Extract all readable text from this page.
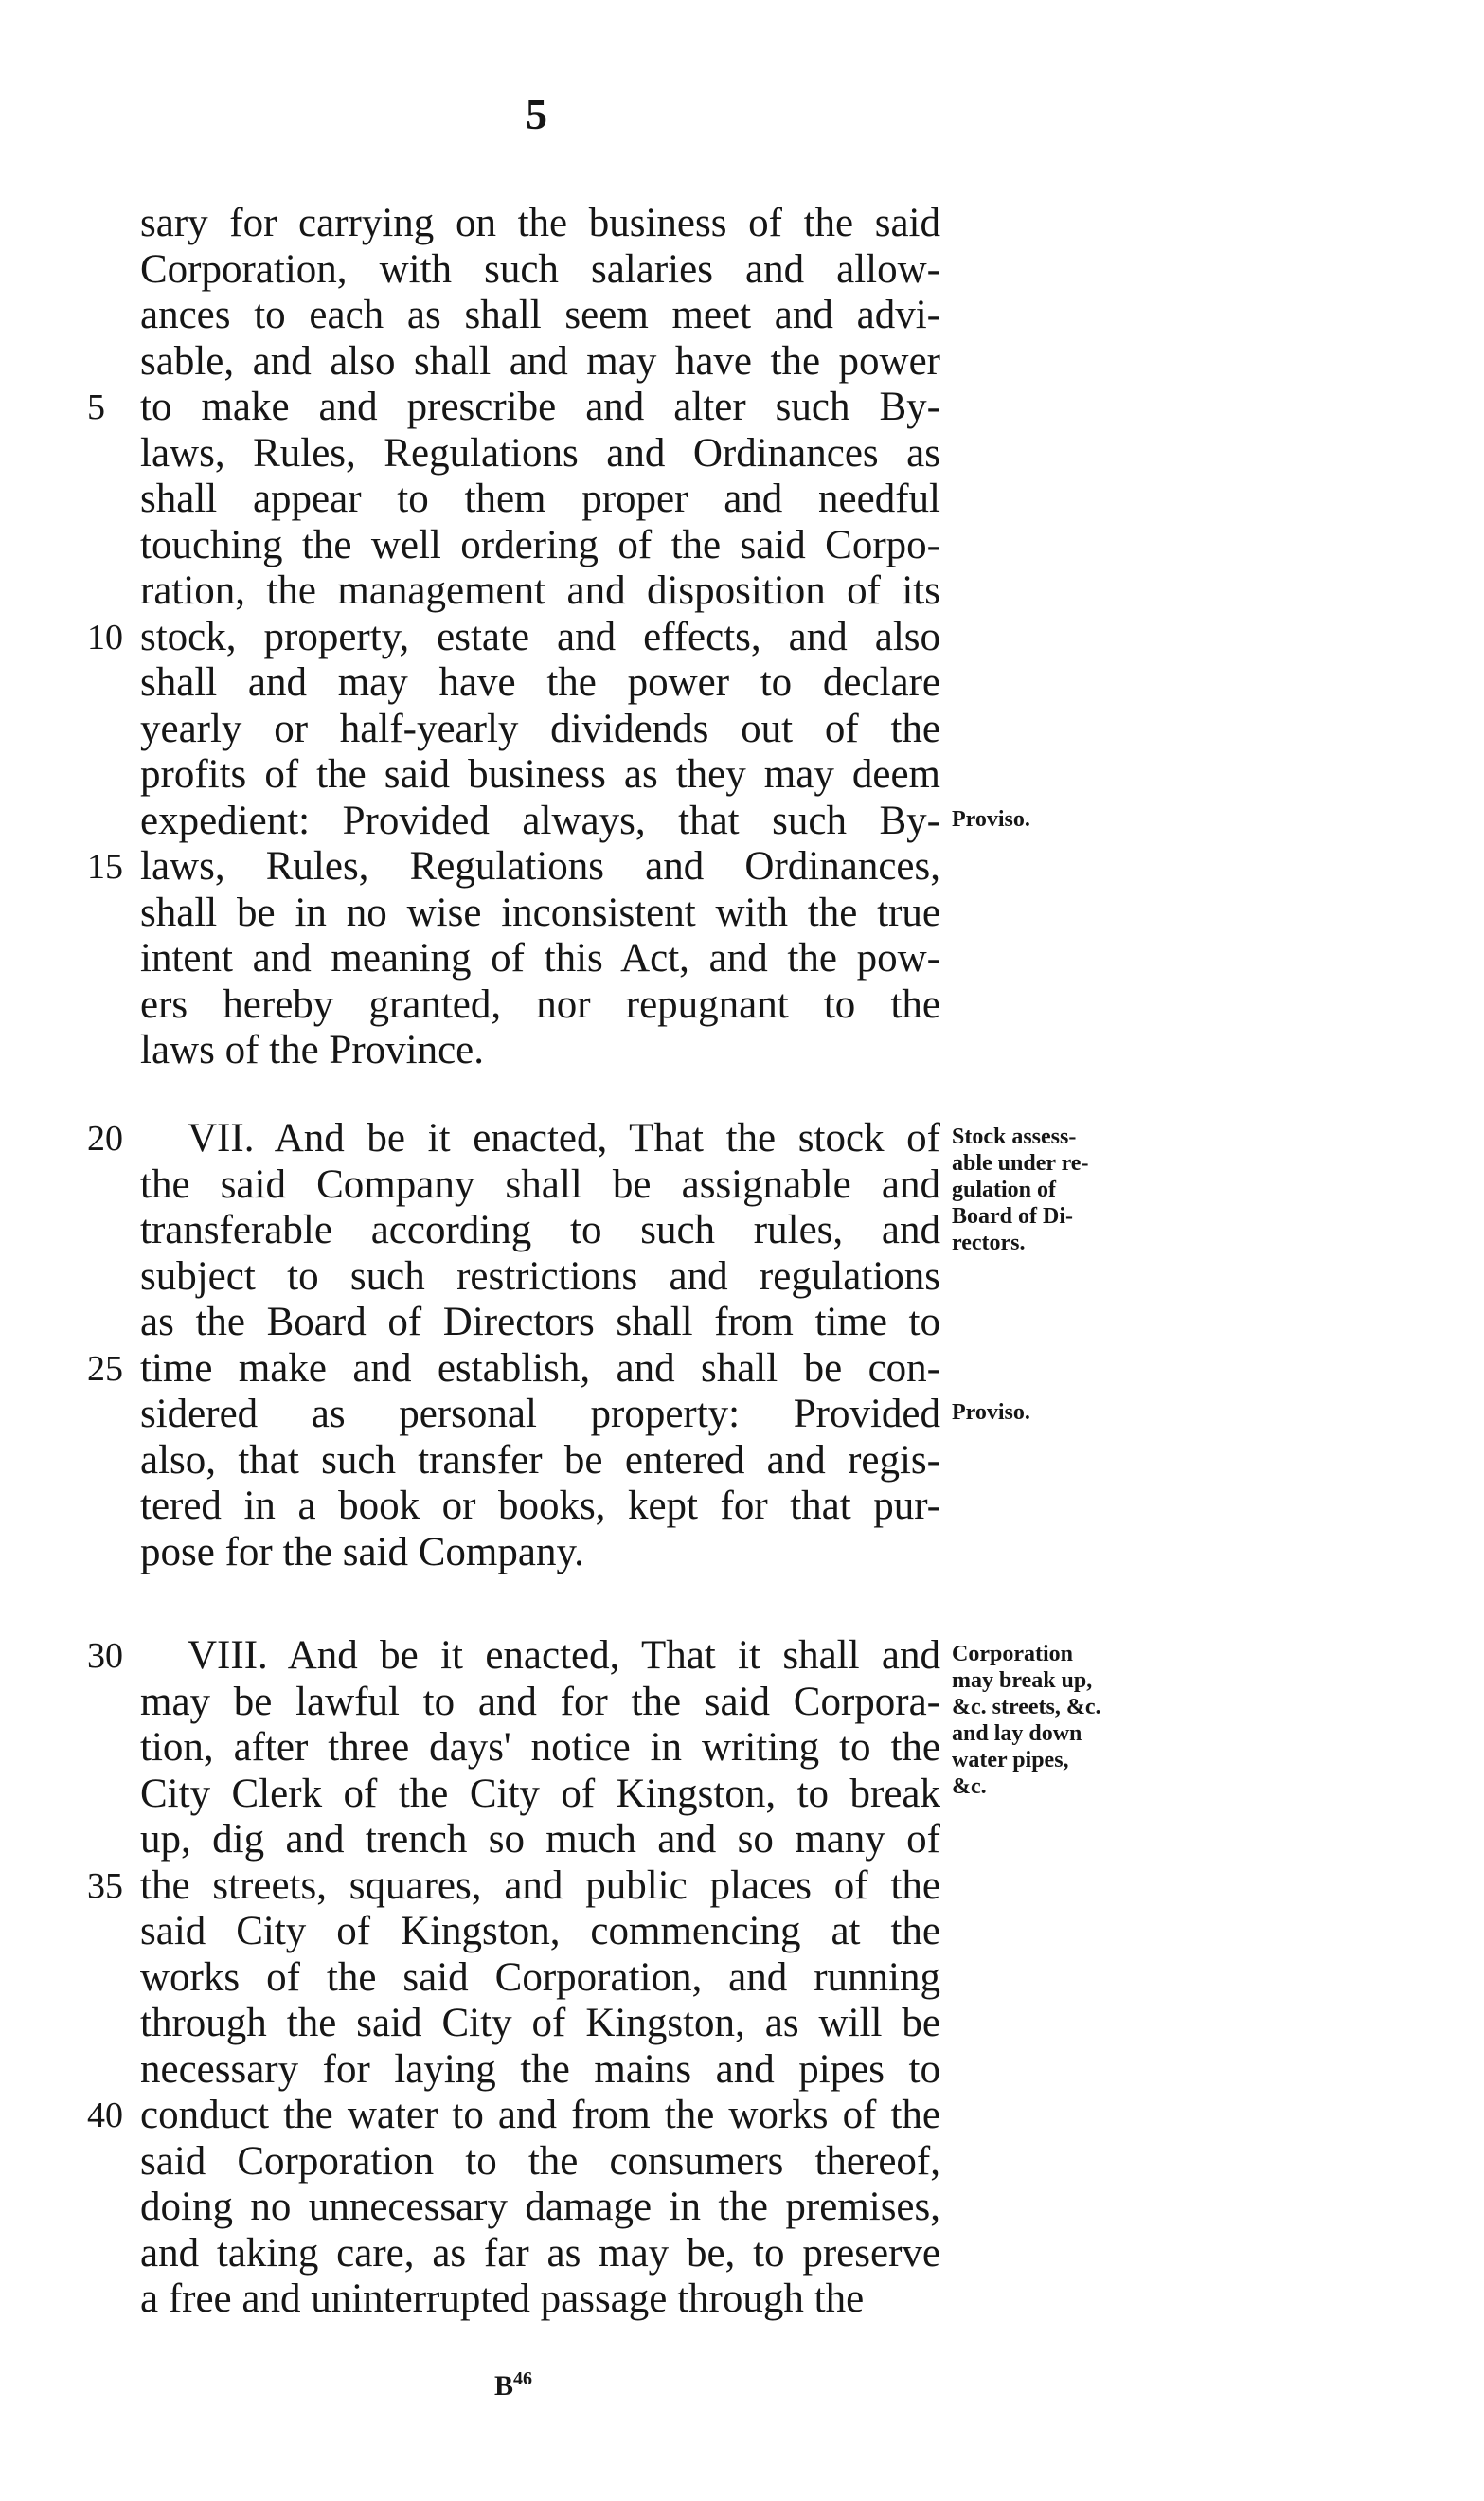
5
sary for carrying on the business of the said
Corporation, with such salaries and allow-
ances to each as shall seem meet and advi-
sable, and also shall and may have the power
to make and prescribe and alter such By-
5
laws, Rules, Regulations and Ordinances as
shall appear to them proper and needful
touching the well ordering of the said Corpo-
ration, the management and disposition of its
stock, property, estate and effects, and also
10
shall and may have the power to declare
yearly or half-yearly dividends out of the
profits of the said business as they may deem
expedient: Provided always, that such By-
laws, Rules, Regulations and Ordinances,
15
shall be in no wise inconsistent with the true
intent and meaning of this Act, and the pow-
ers hereby granted, nor repugnant to the
laws of the Province.
Proviso.
VII. And be it enacted, That the stock of
20
the said Company shall be assignable and
transferable according to such rules, and
subject to such restrictions and regulations
as the Board of Directors shall from time to
time make and establish, and shall be con-
25
sidered as personal property: Provided
also, that such transfer be entered and regis-
tered in a book or books, kept for that pur-
pose for the said Company.
Stock assess-
able under re-
gulation of
Board of Di-
rectors.
Proviso.
VIII. And be it enacted, That it shall and
30
may be lawful to and for the said Corpora-
tion, after three days' notice in writing to the
City Clerk of the City of Kingston, to break
up, dig and trench so much and so many of
the streets, squares, and public places of the
35
said City of Kingston, commencing at the
works of the said Corporation, and running
through the said City of Kingston, as will be
necessary for laying the mains and pipes to
conduct the water to and from the works of the
40
said Corporation to the consumers thereof,
doing no unnecessary damage in the premises,
and taking care, as far as may be, to preserve
a free and uninterrupted passage through the
Corporation
may break up,
&c. streets, &c.
and lay down
water pipes,
&c.
$B^{46}$
